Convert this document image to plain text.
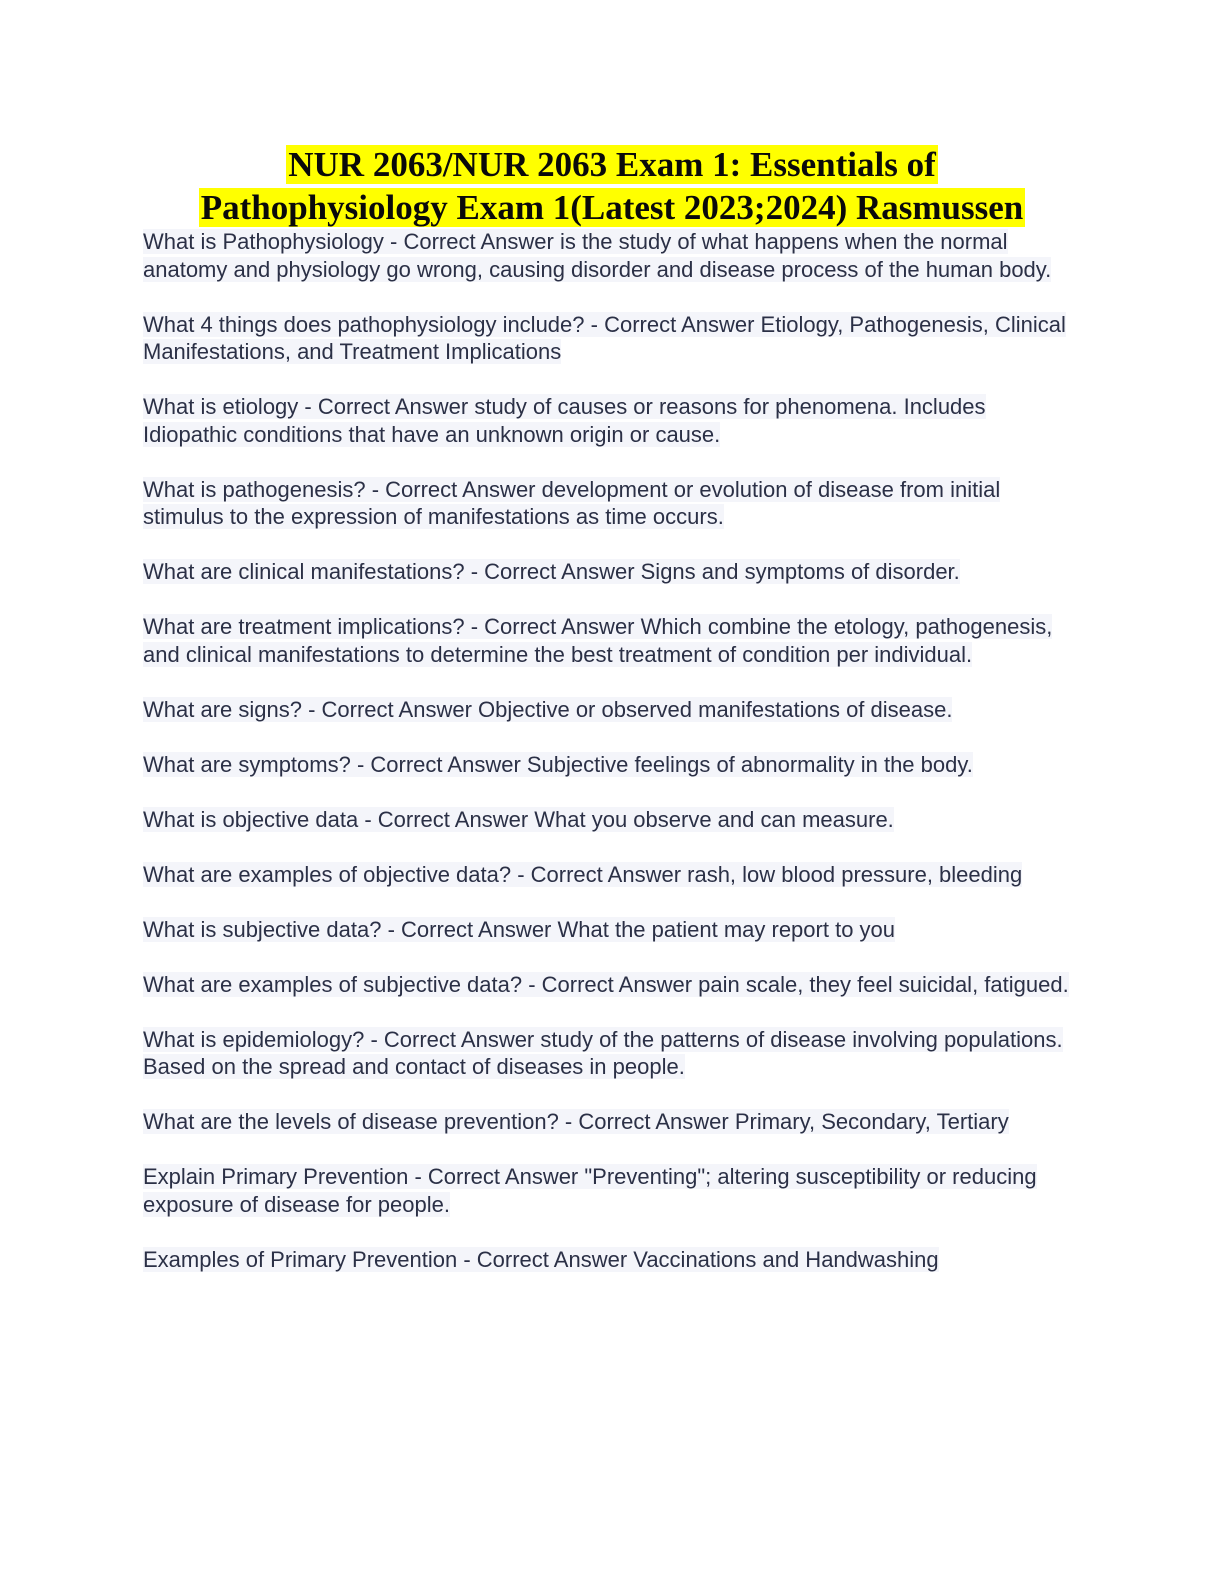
NUR 2063/NUR 2063 Exam 1: Essentials of
Pathophysiology Exam 1(Latest 2023;2024) Rasmussen

What is Pathophysiology - Correct Answer is the study of what happens when the normal anatomy and physiology go wrong, causing disorder and disease process of the human body.

What 4 things does pathophysiology include? - Correct Answer Etiology, Pathogenesis, Clinical Manifestations, and Treatment Implications

What is etiology - Correct Answer study of causes or reasons for phenomena. Includes Idiopathic conditions that have an unknown origin or cause.

What is pathogenesis? - Correct Answer development or evolution of disease from initial stimulus to the expression of manifestations as time occurs.

What are clinical manifestations? - Correct Answer Signs and symptoms of disorder.

What are treatment implications? - Correct Answer Which combine the etology, pathogenesis, and clinical manifestations to determine the best treatment of condition per individual.

What are signs? - Correct Answer Objective or observed manifestations of disease.

What are symptoms? - Correct Answer Subjective feelings of abnormality in the body.

What is objective data - Correct Answer What you observe and can measure.

What are examples of objective data? - Correct Answer rash, low blood pressure, bleeding

What is subjective data? - Correct Answer What the patient may report to you

What are examples of subjective data? - Correct Answer pain scale, they feel suicidal, fatigued.

What is epidemiology? - Correct Answer study of the patterns of disease involving populations. Based on the spread and contact of diseases in people.

What are the levels of disease prevention? - Correct Answer Primary, Secondary, Tertiary

Explain Primary Prevention - Correct Answer "Preventing"; altering susceptibility or reducing exposure of disease for people.

Examples of Primary Prevention - Correct Answer Vaccinations and Handwashing
